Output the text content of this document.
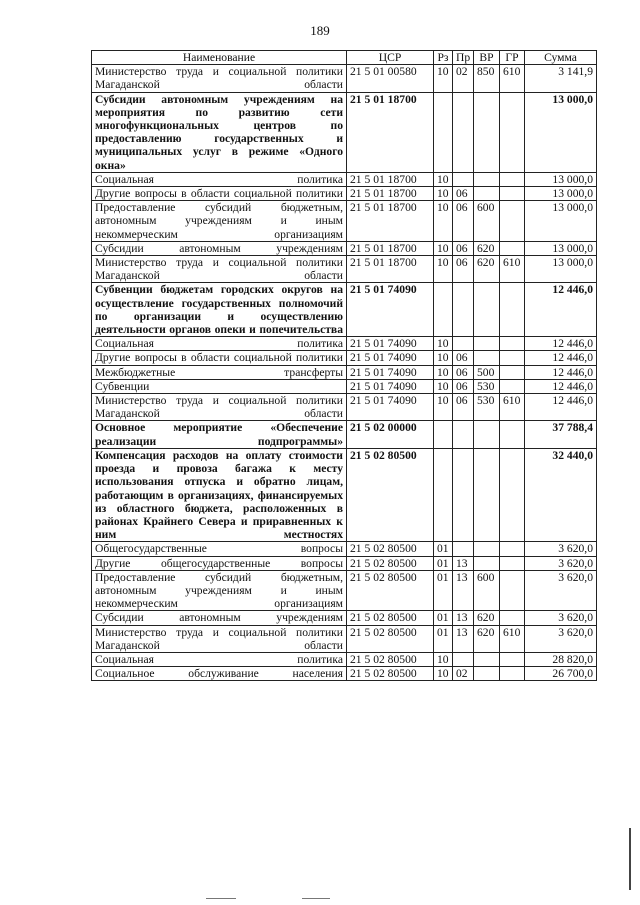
189
Наименование	ЦСР	Рз	Пр	ВР	ГР	Сумма
Министерство труда и социальной политики Магаданской области	21 5 01 00580	10	02	850	610	3 141,9
Субсидии автономным учреждениям на мероприятия по развитию сети многофункциональных центров по предоставлению государственных и муниципальных услуг в режиме «Одного окна»	21 5 01 18700					13 000,0
Социальная политика	21 5 01 18700	10				13 000,0
Другие вопросы в области социальной политики	21 5 01 18700	10	06			13 000,0
Предоставление субсидий бюджетным, автономным учреждениям и иным некоммерческим организациям	21 5 01 18700	10	06	600		13 000,0
Субсидии автономным учреждениям	21 5 01 18700	10	06	620		13 000,0
Министерство труда и социальной политики Магаданской области	21 5 01 18700	10	06	620	610	13 000,0
Субвенции бюджетам городских округов на осуществление государственных полномочий по организации и осуществлению деятельности органов опеки и попечительства	21 5 01 74090					12 446,0
Социальная политика	21 5 01 74090	10				12 446,0
Другие вопросы в области социальной политики	21 5 01 74090	10	06			12 446,0
Межбюджетные трансферты	21 5 01 74090	10	06	500		12 446,0
Субвенции	21 5 01 74090	10	06	530		12 446,0
Министерство труда и социальной политики Магаданской области	21 5 01 74090	10	06	530	610	12 446,0
Основное мероприятие «Обеспечение реализации подпрограммы»	21 5 02 00000					37 788,4
Компенсация расходов на оплату стоимости проезда и провоза багажа к месту использования отпуска и обратно лицам, работающим в организациях, финансируемых из областного бюджета, расположенных в районах Крайнего Севера и приравненных к ним местностях	21 5 02 80500					32 440,0
Общегосударственные вопросы	21 5 02 80500	01				3 620,0
Другие общегосударственные вопросы	21 5 02 80500	01	13			3 620,0
Предоставление субсидий бюджетным, автономным учреждениям и иным некоммерческим организациям	21 5 02 80500	01	13	600		3 620,0
Субсидии автономным учреждениям	21 5 02 80500	01	13	620		3 620,0
Министерство труда и социальной политики Магаданской области	21 5 02 80500	01	13	620	610	3 620,0
Социальная политика	21 5 02 80500	10				28 820,0
Социальное обслуживание населения	21 5 02 80500	10	02			26 700,0
